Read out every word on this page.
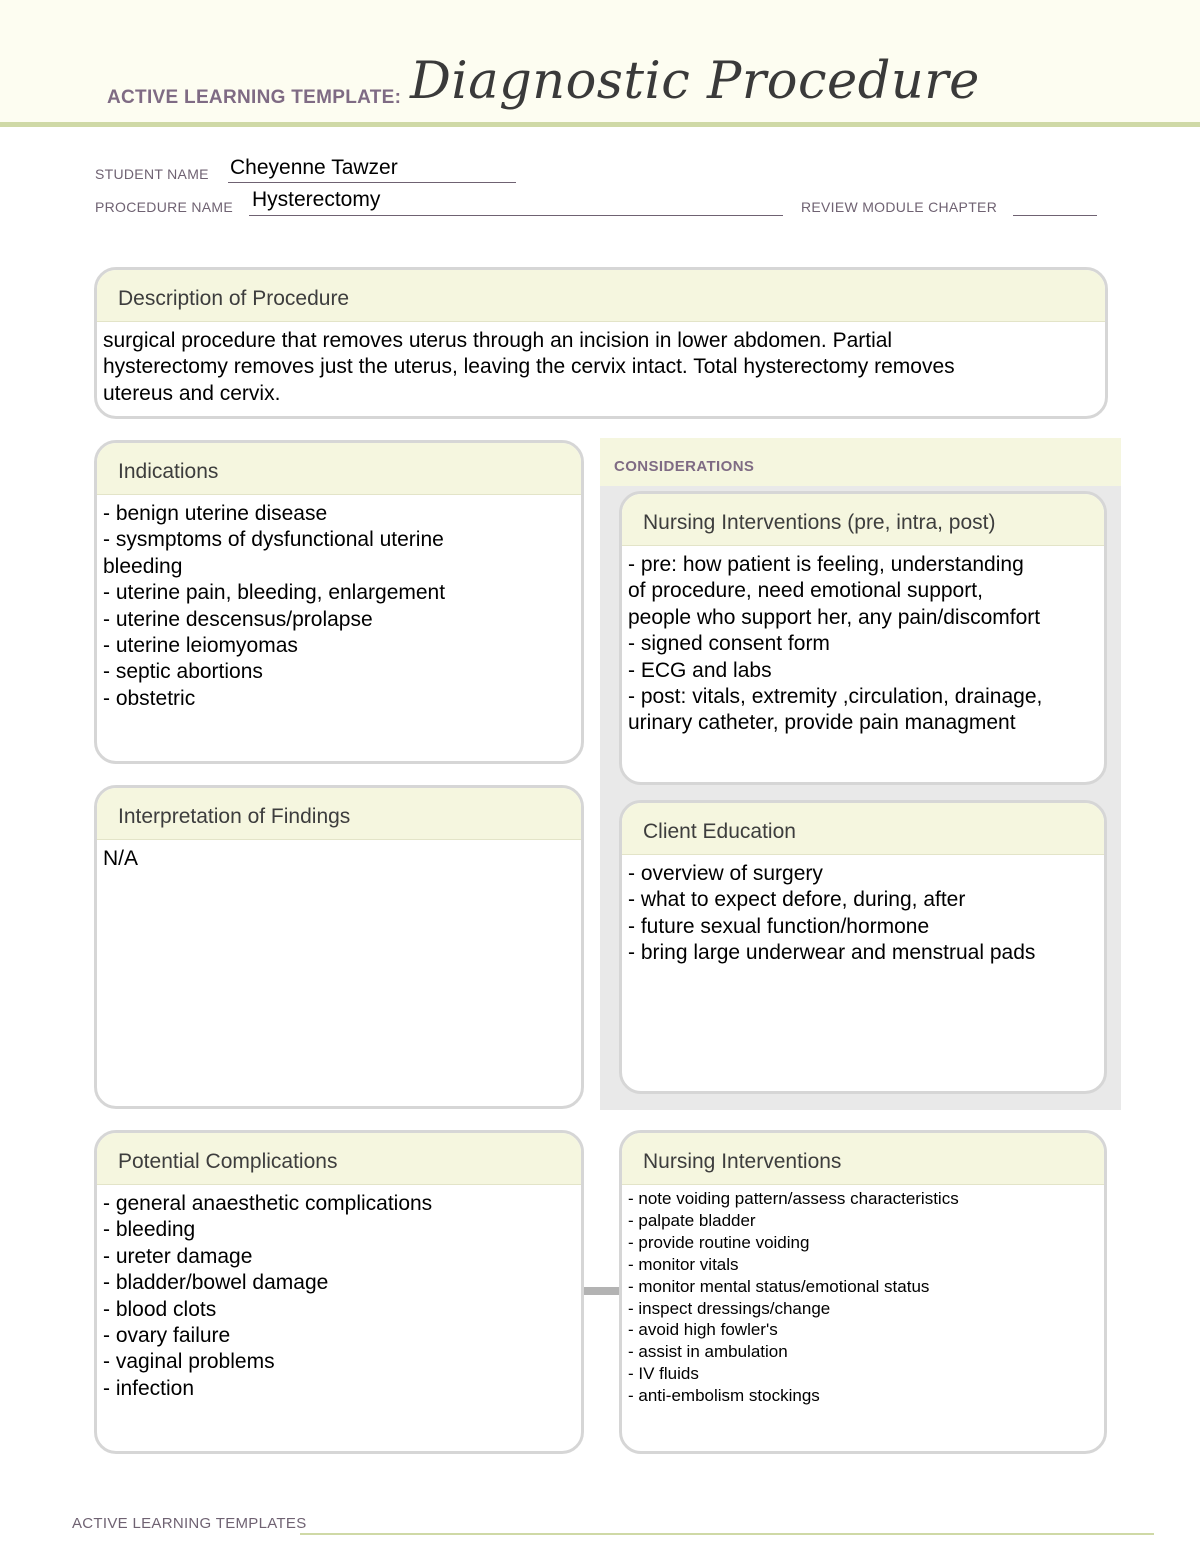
ACTIVE LEARNING TEMPLATE: Diagnostic Procedure
STUDENT NAME Cheyenne Tawzer
PROCEDURE NAME Hysterectomy	REVIEW MODULE CHAPTER
Description of Procedure
surgical procedure that removes uterus through an incision in lower abdomen. Partial
hysterectomy removes just the uterus, leaving the cervix intact. Total hysterectomy removes
utereus and cervix.
Indications
- benign uterine disease
- sysmptoms of dysfunctional uterine
bleeding
- uterine pain, bleeding, enlargement
- uterine descensus/prolapse
- uterine leiomyomas
- septic abortions
- obstetric
Interpretation of Findings
N/A
CONSIDERATIONS
Nursing Interventions (pre, intra, post)
- pre: how patient is feeling, understanding
of procedure, need emotional support,
people who support her, any pain/discomfort
- signed consent form
- ECG and labs
- post: vitals, extremity ,circulation, drainage,
urinary catheter, provide pain managment
Client Education
- overview of surgery
- what to expect defore, during, after
- future sexual function/hormone
- bring large underwear and menstrual pads
Potential Complications
- general anaesthetic complications
- bleeding
- ureter damage
- bladder/bowel damage
- blood clots
- ovary failure
- vaginal problems
- infection
Nursing Interventions
- note voiding pattern/assess characteristics
- palpate bladder
- provide routine voiding
- monitor vitals
- monitor mental status/emotional status
- inspect dressings/change
- avoid high fowler's
- assist in ambulation
- IV fluids
- anti-embolism stockings
ACTIVE LEARNING TEMPLATES
